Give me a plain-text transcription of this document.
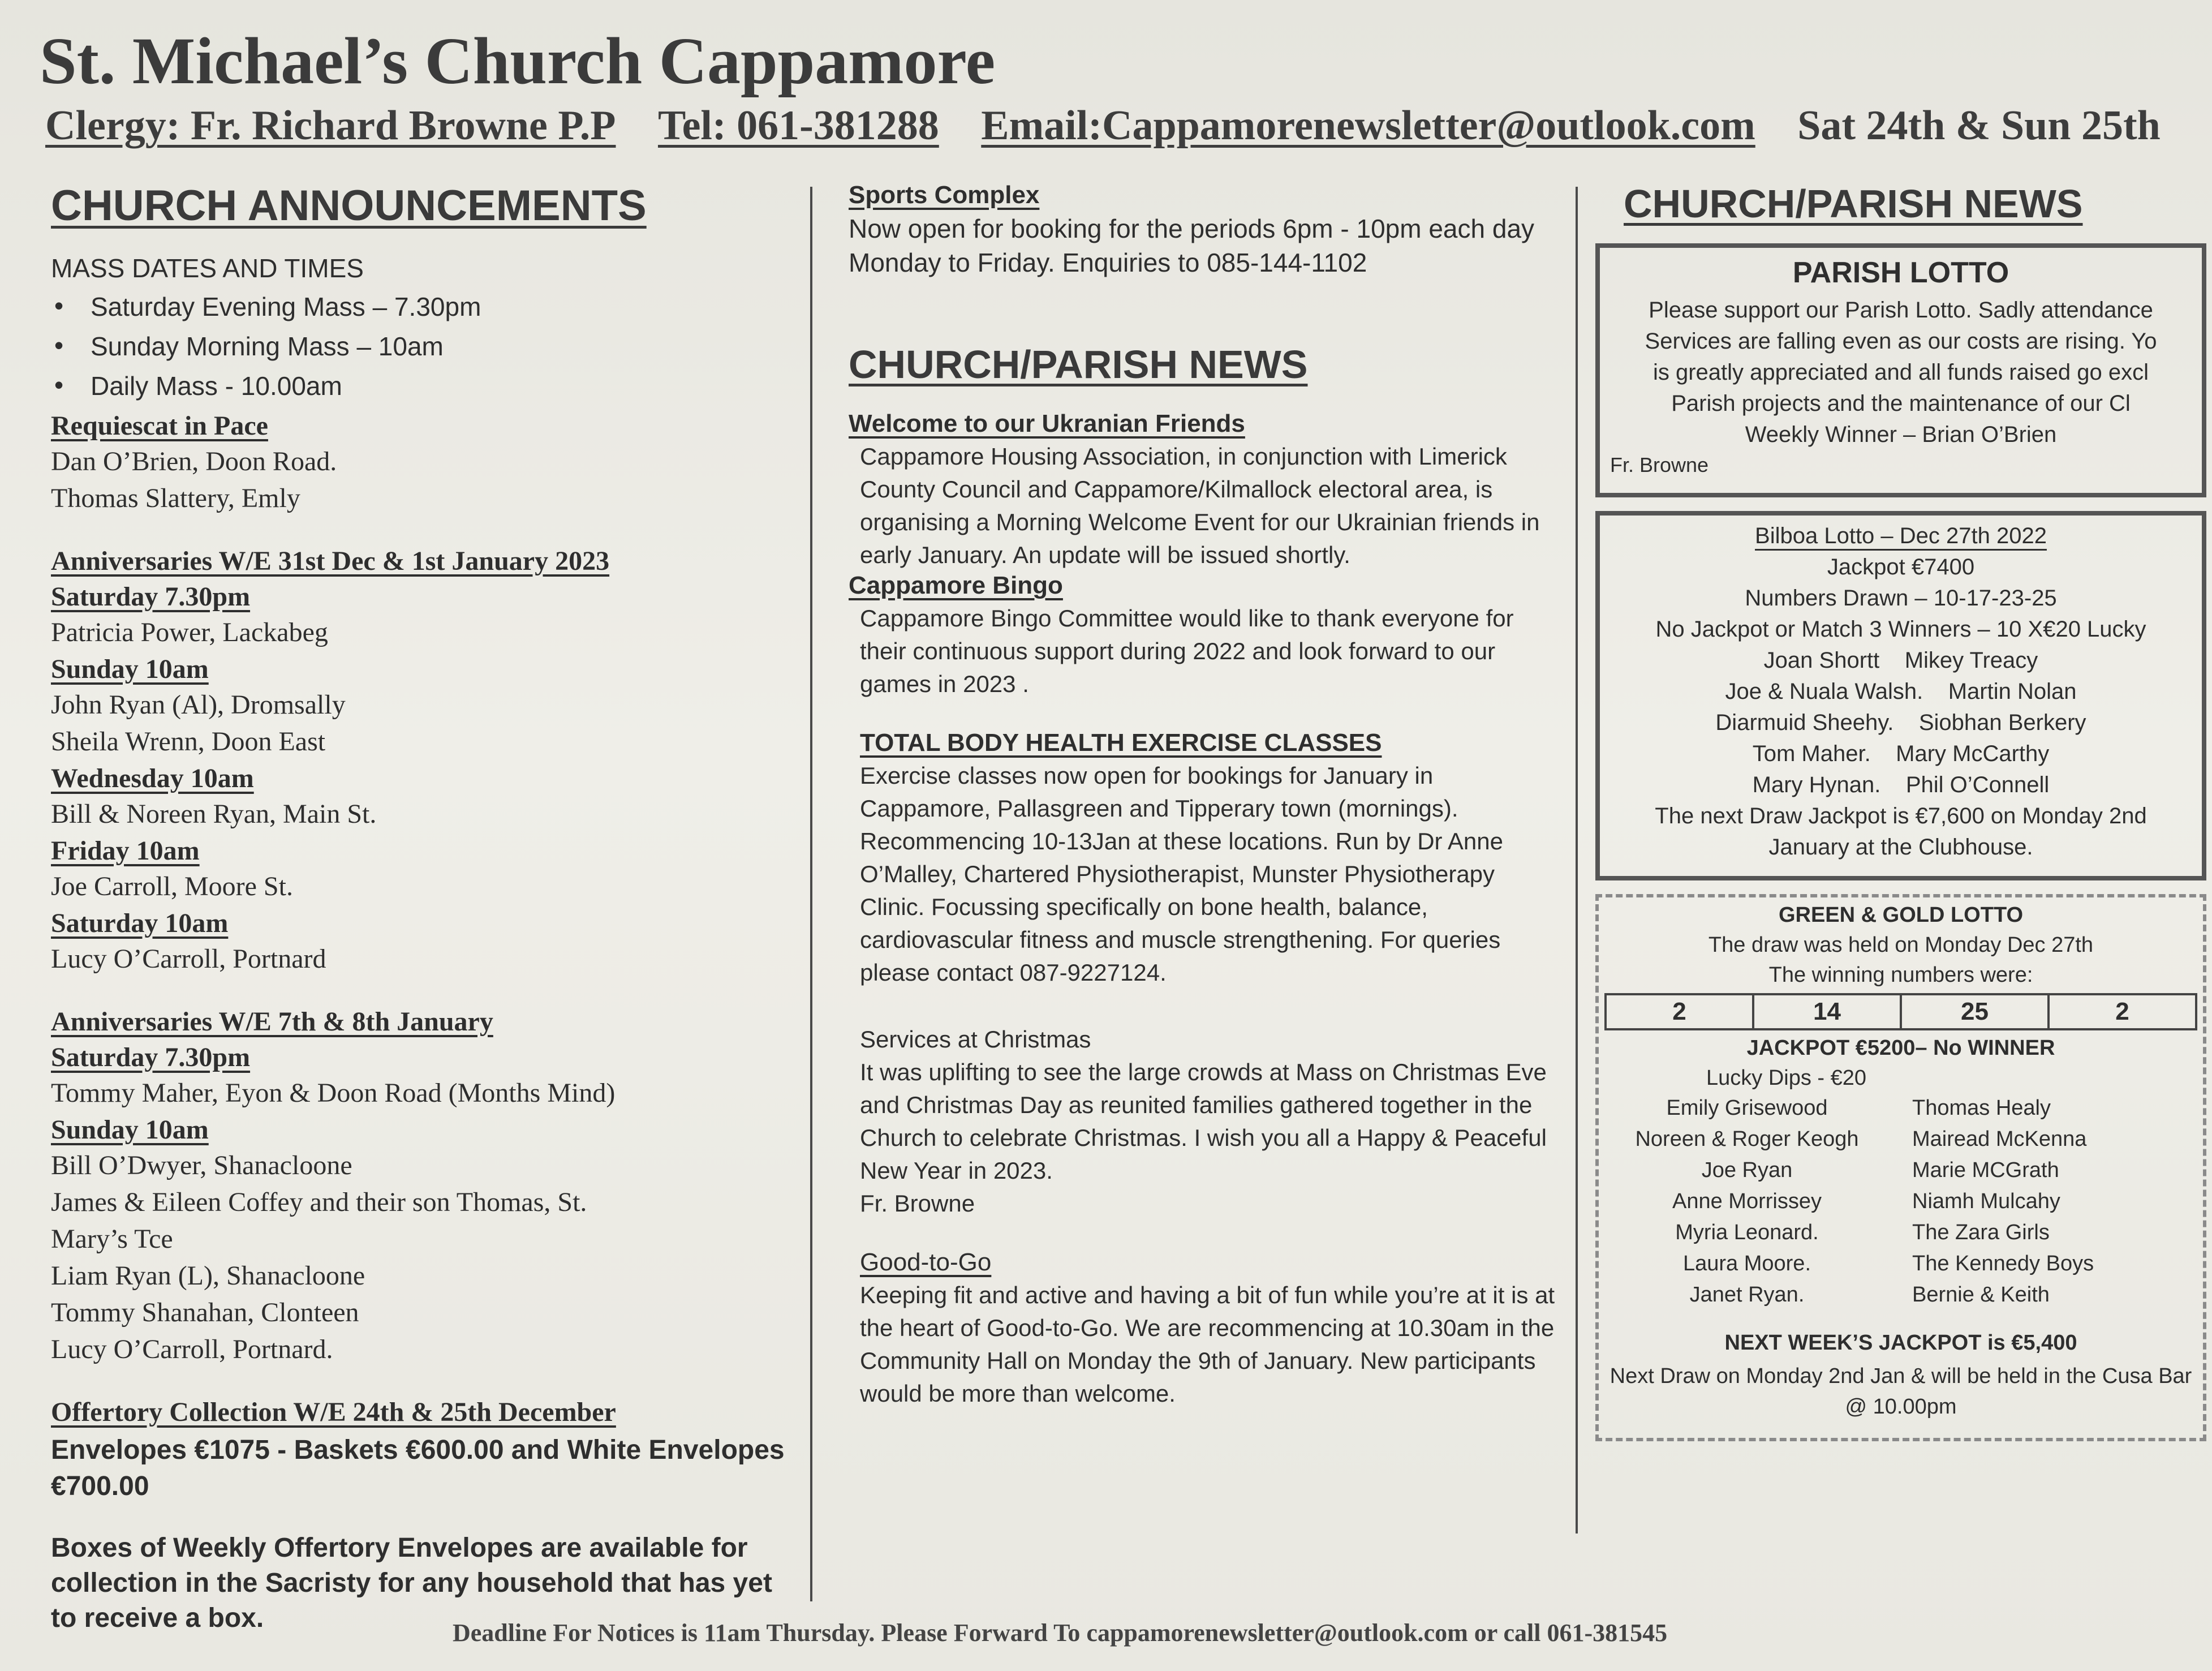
St. Michael’s Church Cappamore
Clergy: Fr. Richard Browne P.P Tel: 061-381288 Email:Cappamorenewsletter@outlook.com Sat 24th & Sun 25th
CHURCH ANNOUNCEMENTS
MASS DATES AND TIMES
• Saturday Evening Mass – 7.30pm
• Sunday Morning Mass – 10am
• Daily Mass - 10.00am
Requiescat in Pace
Dan O’Brien, Doon Road.
Thomas Slattery, Emly
Anniversaries W/E 31st Dec & 1st January 2023
Saturday 7.30pm
Patricia Power, Lackabeg
Sunday 10am
John Ryan (Al), Dromsally
Sheila Wrenn, Doon East
Wednesday 10am
Bill & Noreen Ryan, Main St.
Friday 10am
Joe Carroll, Moore St.
Saturday 10am
Lucy O’Carroll, Portnard
Anniversaries W/E 7th & 8th January
Saturday 7.30pm
Tommy Maher, Eyon & Doon Road (Months Mind)
Sunday 10am
Bill O’Dwyer, Shanacloone
James & Eileen Coffey and their son Thomas, St.
Mary’s Tce
Liam Ryan (L), Shanacloone
Tommy Shanahan, Clonteen
Lucy O’Carroll, Portnard.
Offertory Collection W/E 24th & 25th December

Envelopes €1075 - Baskets €600.00 and White Envelopes €700.00

Boxes of Weekly Offertory Envelopes are available for collection in the Sacristy for any household that has yet to receive a box.

Sports Complex

Now open for booking for the periods 6pm - 10pm each day Monday to Friday. Enquiries to 085-144-1102

CHURCH/PARISH NEWS
Welcome to our Ukranian Friends

Cappamore Housing Association, in conjunction with Limerick County Council and Cappamore/Kilmallock electoral area, is organising a Morning Welcome Event for our Ukrainian friends in early January. An update will be issued shortly.

Cappamore Bingo

Cappamore Bingo Committee would like to thank everyone for their continuous support during 2022 and look forward to our games in 2023 .

TOTAL BODY HEALTH EXERCISE CLASSES

Exercise classes now open for bookings for January in Cappamore, Pallasgreen and Tipperary town (mornings). Recommencing 10-13Jan at these locations. Run by Dr Anne O’Malley, Chartered Physiotherapist, Munster Physiotherapy Clinic. Focussing specifically on bone health, balance, cardiovascular fitness and muscle strengthening. For queries please contact 087-9227124.

Services at Christmas

It was uplifting to see the large crowds at Mass on Christmas Eve and Christmas Day as reunited families gathered together in the Church to celebrate Christmas. I wish you all a Happy & Peaceful New Year in 2023.

Fr. Browne

Good-to-Go

Keeping fit and active and having a bit of fun while you’re at it is at the heart of Good-to-Go. We are recommencing at 10.30am in the Community Hall on Monday the 9th of January. New participants would be more than welcome.

CHURCH/PARISH NEWS
PARISH LOTTO

Please support our Parish Lotto. Sadly attendance

Services are falling even as our costs are rising. Yo

is greatly appreciated and all funds raised go excl

Parish projects and the maintenance of our Cl

Weekly Winner – Brian O’Brien

Fr. Browne

Bilboa Lotto – Dec 27th 2022

Jackpot €7400

Numbers Drawn – 10-17-23-25

No Jackpot or Match 3 Winners – 10 X€20 Lucky

Joan Shortt    Mikey Treacy

Joe & Nuala Walsh.    Martin Nolan

Diarmuid Sheehy.    Siobhan Berkery

Tom Maher.    Mary McCarthy

Mary Hynan.    Phil O’Connell

The next Draw Jackpot is €7,600 on Monday 2nd

January at the Clubhouse.

GREEN & GOLD LOTTO

The draw was held on Monday Dec 27th

The winning numbers were:

2	14	25	2

JACKPOT €5200– No WINNER

Lucky Dips - €20

Emily Grisewood	Thomas Healy

Noreen & Roger Keogh	Mairead McKenna

Joe Ryan	Marie MCGrath

Anne Morrissey	Niamh Mulcahy

Myria Leonard.	The Zara Girls

Laura Moore.	The Kennedy Boys

Janet Ryan.	Bernie & Keith

NEXT WEEK’S JACKPOT is €5,400

Next Draw on Monday 2nd Jan & will be held in the Cusa Bar @ 10.00pm

Deadline For Notices is 11am Thursday. Please Forward To cappamorenewsletter@outlook.com or call 061-381545
